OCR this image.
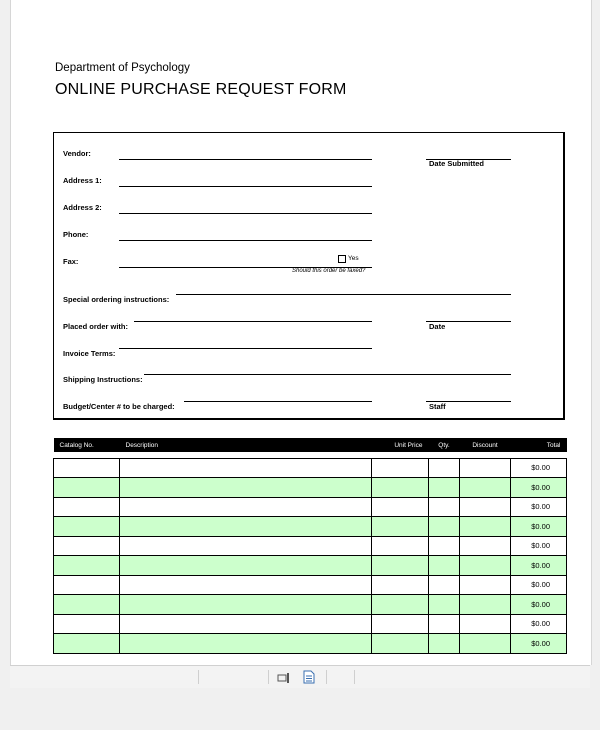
Department of Psychology
ONLINE PURCHASE REQUEST FORM
Vendor:
Date Submitted
Address 1:
Address 2:
Phone:
Fax:	Yes
Should this order be faxed?
Special ordering instructions:
Placed order with:	Date
Invoice Terms:
Shipping Instructions:
Budget/Center # to be charged:	Staff
Catalog No.	Description	Unit Price	Qty.	Discount	Total

					$0.00
					$0.00
					$0.00
					$0.00
					$0.00
					$0.00
					$0.00
					$0.00
					$0.00
					$0.00
